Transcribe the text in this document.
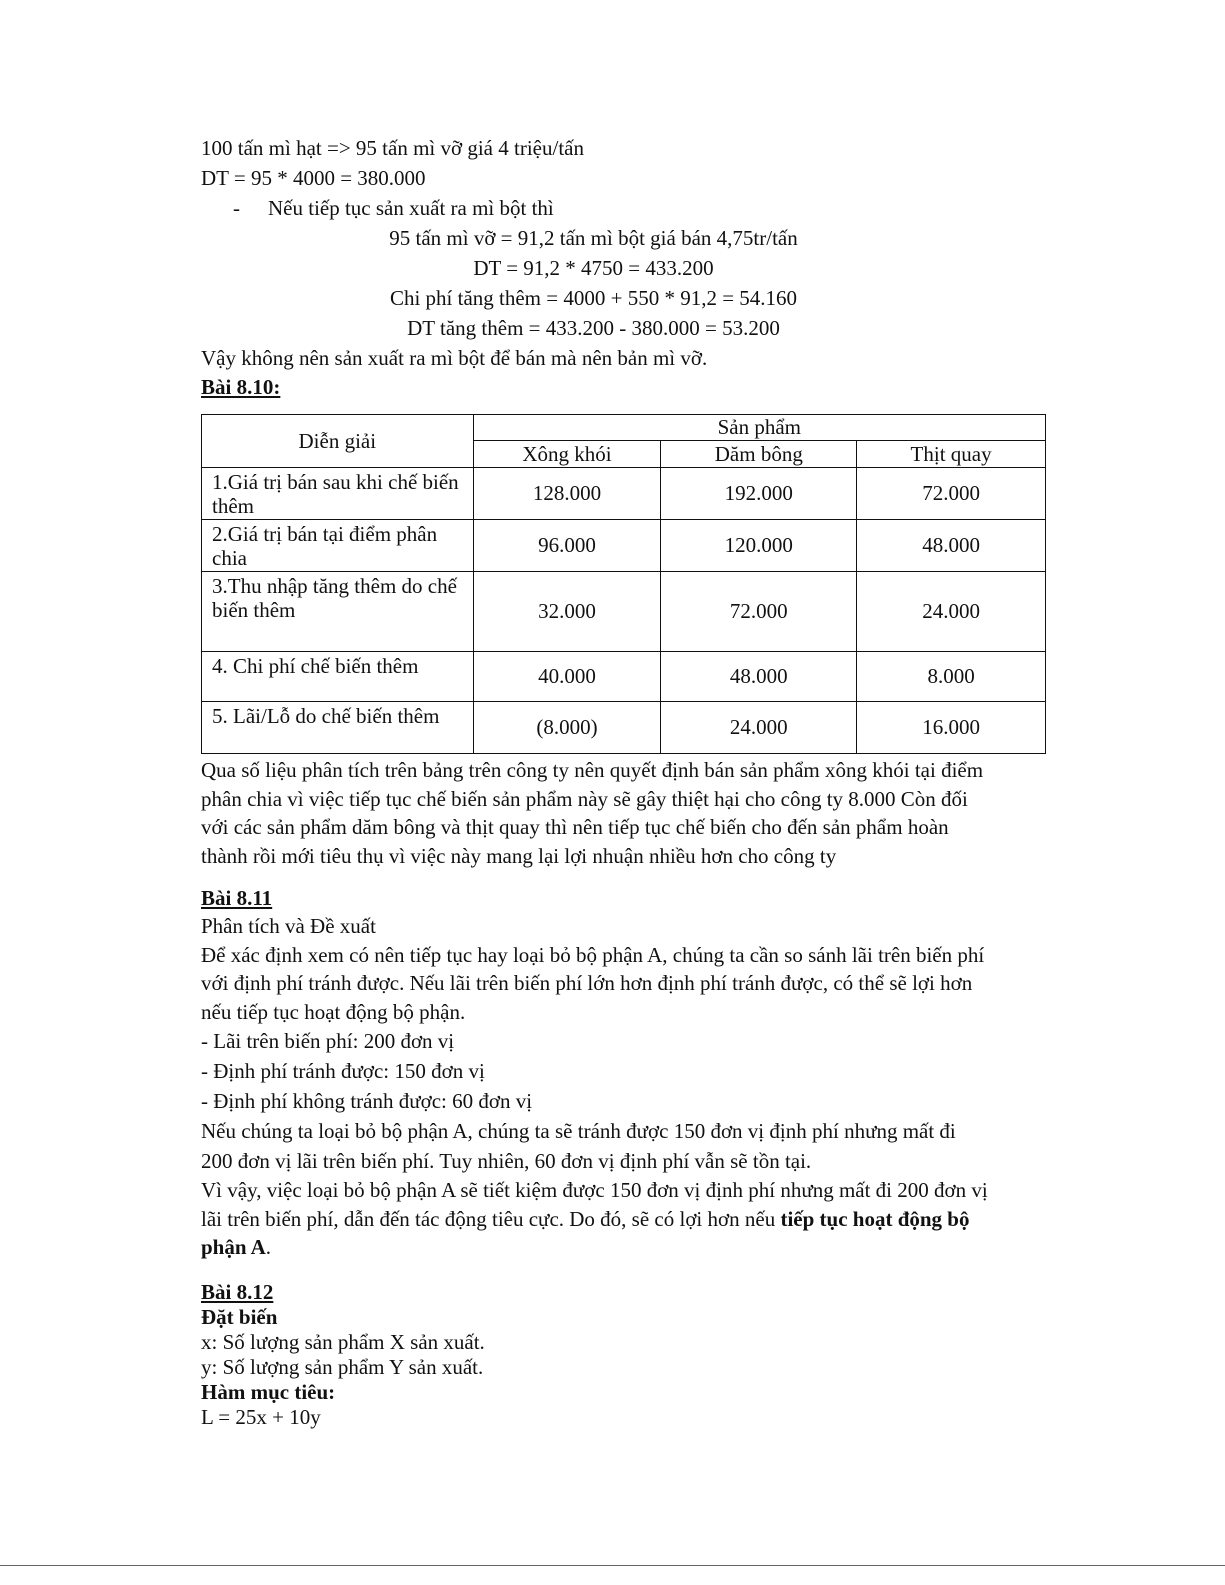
100 tấn mì hạt => 95 tấn mì vỡ giá 4 triệu/tấn
DT = 95 * 4000 = 380.000
- Nếu tiếp tục sản xuất ra mì bột thì
95 tấn mì vỡ = 91,2 tấn mì bột giá bán 4,75tr/tấn
DT = 91,2 * 4750 = 433.200
Chi phí tăng thêm = 4000 + 550 * 91,2 = 54.160
DT tăng thêm = 433.200 - 380.000 = 53.200
Vậy không nên sản xuất ra mì bột để bán mà nên bản mì vỡ.
Bài 8.10:
Diễn giải	Sản phẩm		
	Xông khói	Dăm bông	Thịt quay
1.Giá trị bán sau khi chế biến thêm	128.000	192.000	72.000
2.Giá trị bán tại điểm phân chia	96.000	120.000	48.000
3.Thu nhập tăng thêm do chế biến thêm	32.000	72.000	24.000
4. Chi phí chế biến thêm	40.000	48.000	8.000
5. Lãi/Lỗ do chế biến thêm	(8.000)	24.000	16.000
Qua số liệu phân tích trên bảng trên công ty nên quyết định bán sản phẩm xông khói tại điểm
phân chia vì việc tiếp tục chế biến sản phẩm này sẽ gây thiệt hại cho công ty 8.000 Còn đối
với các sản phẩm dăm bông và thịt quay thì nên tiếp tục chế biến cho đến sản phẩm hoàn
thành rồi mới tiêu thụ vì việc này mang lại lợi nhuận nhiều hơn cho công ty
Bài 8.11
Phân tích và Đề xuất
Để xác định xem có nên tiếp tục hay loại bỏ bộ phận A, chúng ta cần so sánh lãi trên biến phí
với định phí tránh được. Nếu lãi trên biến phí lớn hơn định phí tránh được, có thể sẽ lợi hơn
nếu tiếp tục hoạt động bộ phận.
- Lãi trên biến phí: 200 đơn vị
- Định phí tránh được: 150 đơn vị
- Định phí không tránh được: 60 đơn vị
Nếu chúng ta loại bỏ bộ phận A, chúng ta sẽ tránh được 150 đơn vị định phí nhưng mất đi
200 đơn vị lãi trên biến phí. Tuy nhiên, 60 đơn vị định phí vẫn sẽ tồn tại.
Vì vậy, việc loại bỏ bộ phận A sẽ tiết kiệm được 150 đơn vị định phí nhưng mất đi 200 đơn vị
lãi trên biến phí, dẫn đến tác động tiêu cực. Do đó, sẽ có lợi hơn nếu tiếp tục hoạt động bộ
phận A.
Bài 8.12
Đặt biến
x: Số lượng sản phẩm X sản xuất.
y: Số lượng sản phẩm Y sản xuất.
Hàm mục tiêu:
L = 25x + 10y
